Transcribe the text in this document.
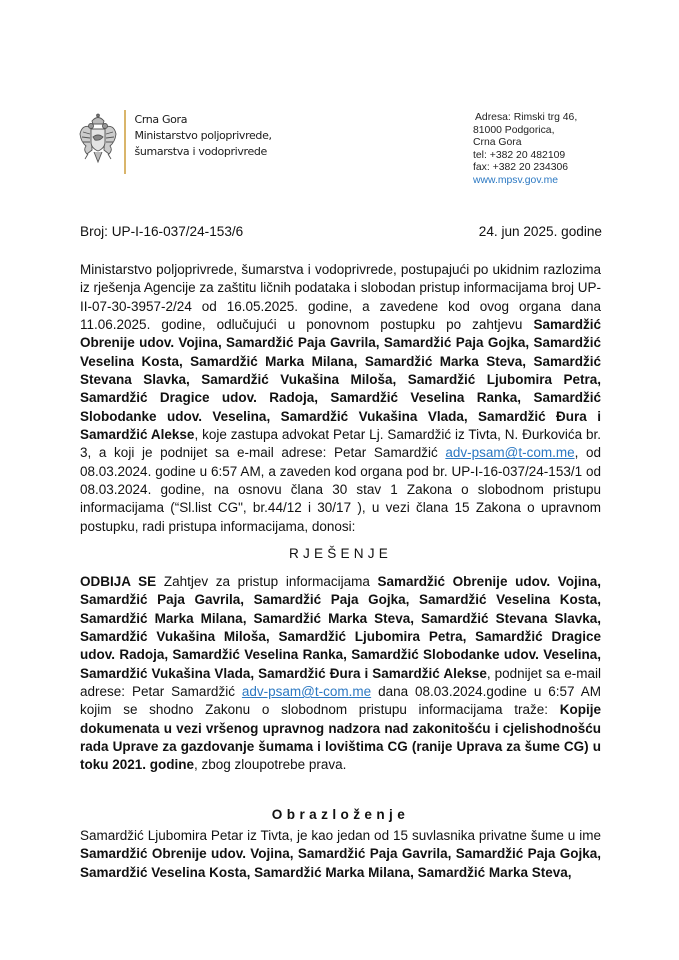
Crna Gora
Ministarstvo poljoprivrede,
šumarstva i vodoprivrede
Adresa: Rimski trg 46,
81000 Podgorica,
Crna Gora
tel: +382 20 482109
fax: +382 20 234306
www.mpsv.gov.me
Broj: UP-I-16-037/24-153/6	24. jun 2025. godine
Ministarstvo poljoprivrede, šumarstva i vodoprivrede, postupajući po ukidnim razlozima iz rješenja Agencije za zaštitu ličnih podataka i slobodan pristup informacijama broj UP-II-07-30-3957-2/24 od 16.05.2025. godine, a zavedene kod ovog organa dana 11.06.2025. godine, odlučujući u ponovnom postupku po zahtjevu Samardžić Obrenije udov. Vojina, Samardžić Paja Gavrila, Samardžić Paja Gojka, Samardžić Veselina Kosta, Samardžić Marka Milana, Samardžić Marka Steva, Samardžić Stevana Slavka, Samardžić Vukašina Miloša, Samardžić Ljubomira Petra, Samardžić Dragice udov. Radoja, Samardžić Veselina Ranka, Samardžić Slobodanke udov. Veselina, Samardžić Vukašina Vlada, Samardžić Đura i Samardžić Alekse, koje zastupa advokat Petar Lj. Samardžić iz Tivta, N. Đurkovića br. 3, a koji je podnijet sa e-mail adrese: Petar Samardžić adv-psam@t-com.me, od 08.03.2024. godine u 6:57 AM, a zaveden kod organa pod br. UP-I-16-037/24-153/1 od 08.03.2024. godine, na osnovu člana 30 stav 1 Zakona o slobodnom pristupu informacijama (“Sl.list CG", br.44/12 i 30/17 ), u vezi člana 15 Zakona o upravnom postupku, radi pristupa informacijama, donosi:
RJEŠENJE
ODBIJA SE Zahtjev za pristup informacijama Samardžić Obrenije udov. Vojina, Samardžić Paja Gavrila, Samardžić Paja Gojka, Samardžić Veselina Kosta, Samardžić Marka Milana, Samardžić Marka Steva, Samardžić Stevana Slavka, Samardžić Vukašina Miloša, Samardžić Ljubomira Petra, Samardžić Dragice udov. Radoja, Samardžić Veselina Ranka, Samardžić Slobodanke udov. Veselina, Samardžić Vukašina Vlada, Samardžić Đura i Samardžić Alekse, podnijet sa e-mail adrese: Petar Samardžić adv-psam@t-com.me dana 08.03.2024.godine u 6:57 AM kojim se shodno Zakonu o slobodnom pristupu informacijama traže: Kopije dokumenata u vezi vršenog upravnog nadzora nad zakonitošću i cjelishodnošću rada Uprave za gazdovanje šumama i lovištima CG (ranije Uprava za šume CG) u toku 2021. godine, zbog zloupotrebe prava.
Obrazloženje
Samardžić Ljubomira Petar iz Tivta, je kao jedan od 15 suvlasnika privatne šume u ime Samardžić Obrenije udov. Vojina, Samardžić Paja Gavrila, Samardžić Paja Gojka, Samardžić Veselina Kosta, Samardžić Marka Milana, Samardžić Marka Steva,
